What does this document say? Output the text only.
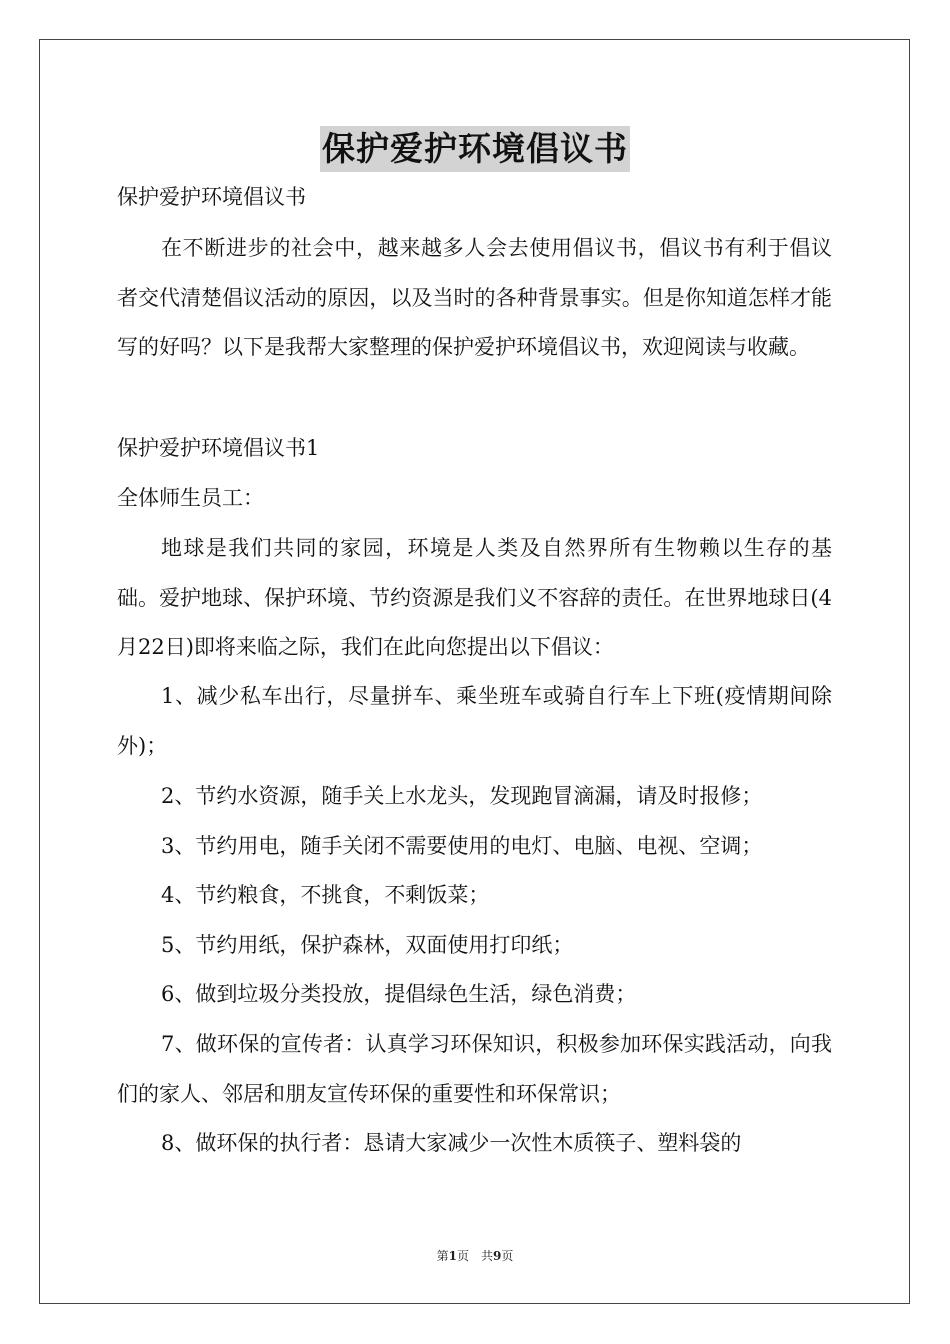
保护爱护环境倡议书

保护爱护环境倡议书

在不断进步的社会中，越来越多人会去使用倡议书，倡议书有利于倡议者交代清楚倡议活动的原因，以及当时的各种背景事实。但是你知道怎样才能写的好吗？以下是我帮大家整理的保护爱护环境倡议书，欢迎阅读与收藏。

保护爱护环境倡议书1

全体师生员工：

地球是我们共同的家园，环境是人类及自然界所有生物赖以生存的基础。爱护地球、保护环境、节约资源是我们义不容辞的责任。在世界地球日(4月22日)即将来临之际，我们在此向您提出以下倡议：

1、减少私车出行，尽量拼车、乘坐班车或骑自行车上下班(疫情期间除外)；

2、节约水资源，随手关上水龙头，发现跑冒滴漏，请及时报修；

3、节约用电，随手关闭不需要使用的电灯、电脑、电视、空调；

4、节约粮食，不挑食，不剩饭菜；

5、节约用纸，保护森林，双面使用打印纸；

6、做到垃圾分类投放，提倡绿色生活，绿色消费；

7、做环保的宣传者：认真学习环保知识，积极参加环保实践活动，向我们的家人、邻居和朋友宣传环保的重要性和环保常识；

8、做环保的执行者：恳请大家减少一次性木质筷子、塑料袋的

第1页　共9页
